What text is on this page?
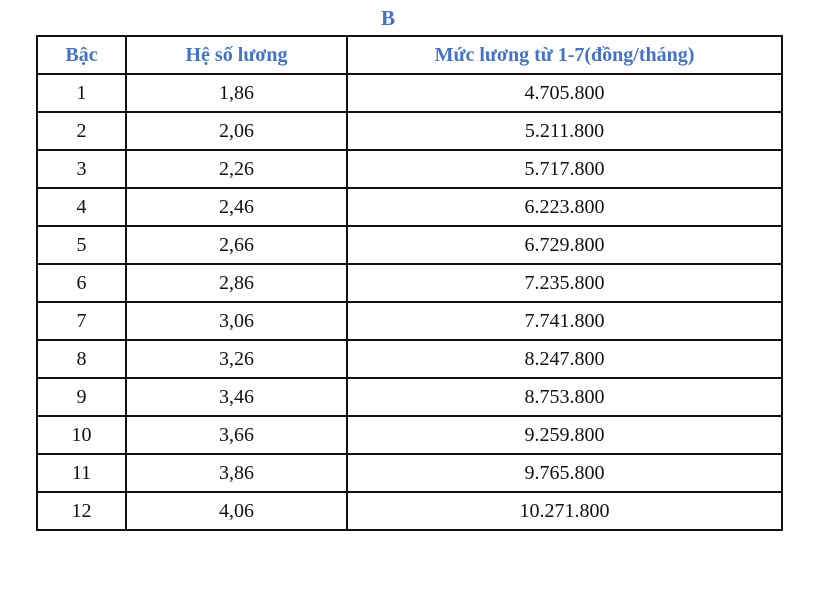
B
Bậc	Hệ số lương	Mức lương từ 1-7(đồng/tháng)
1	1,86	4.705.800
2	2,06	5.211.800
3	2,26	5.717.800
4	2,46	6.223.800
5	2,66	6.729.800
6	2,86	7.235.800
7	3,06	7.741.800
8	3,26	8.247.800
9	3,46	8.753.800
10	3,66	9.259.800
11	3,86	9.765.800
12	4,06	10.271.800
